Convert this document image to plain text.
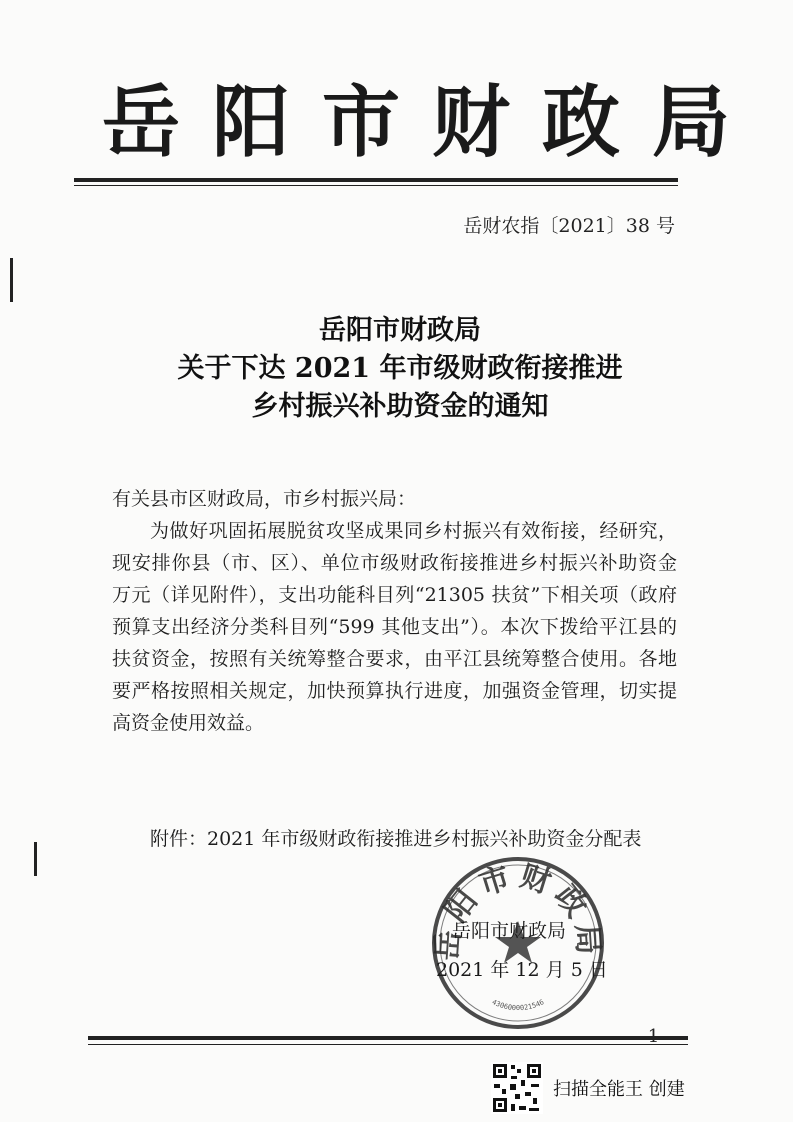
岳阳市财政局
岳财农指〔2021〕38 号
岳阳市财政局
关于下达 2021 年市级财政衔接推进
乡村振兴补助资金的通知
有关县市区财政局，市乡村振兴局：
为做好巩固拓展脱贫攻坚成果同乡村振兴有效衔接，经研究，现安排你县（市、区）、单位市级财政衔接推进乡村振兴补助资金　　万元（详见附件），支出功能科目列“21305 扶贫”下相关项（政府预算支出经济分类科目列“599 其他支出”）。本次下拨给平江县的扶贫资金，按照有关统筹整合要求，由平江县统筹整合使用。各地要严格按照相关规定，加快预算执行进度，加强资金管理，切实提高资金使用效益。
附件：2021 年市级财政衔接推进乡村振兴补助资金分配表
岳阳市财政局
4306000021546
岳阳市财政局
2021 年 12 月 5 日
— 1 —
扫描全能王 创建
